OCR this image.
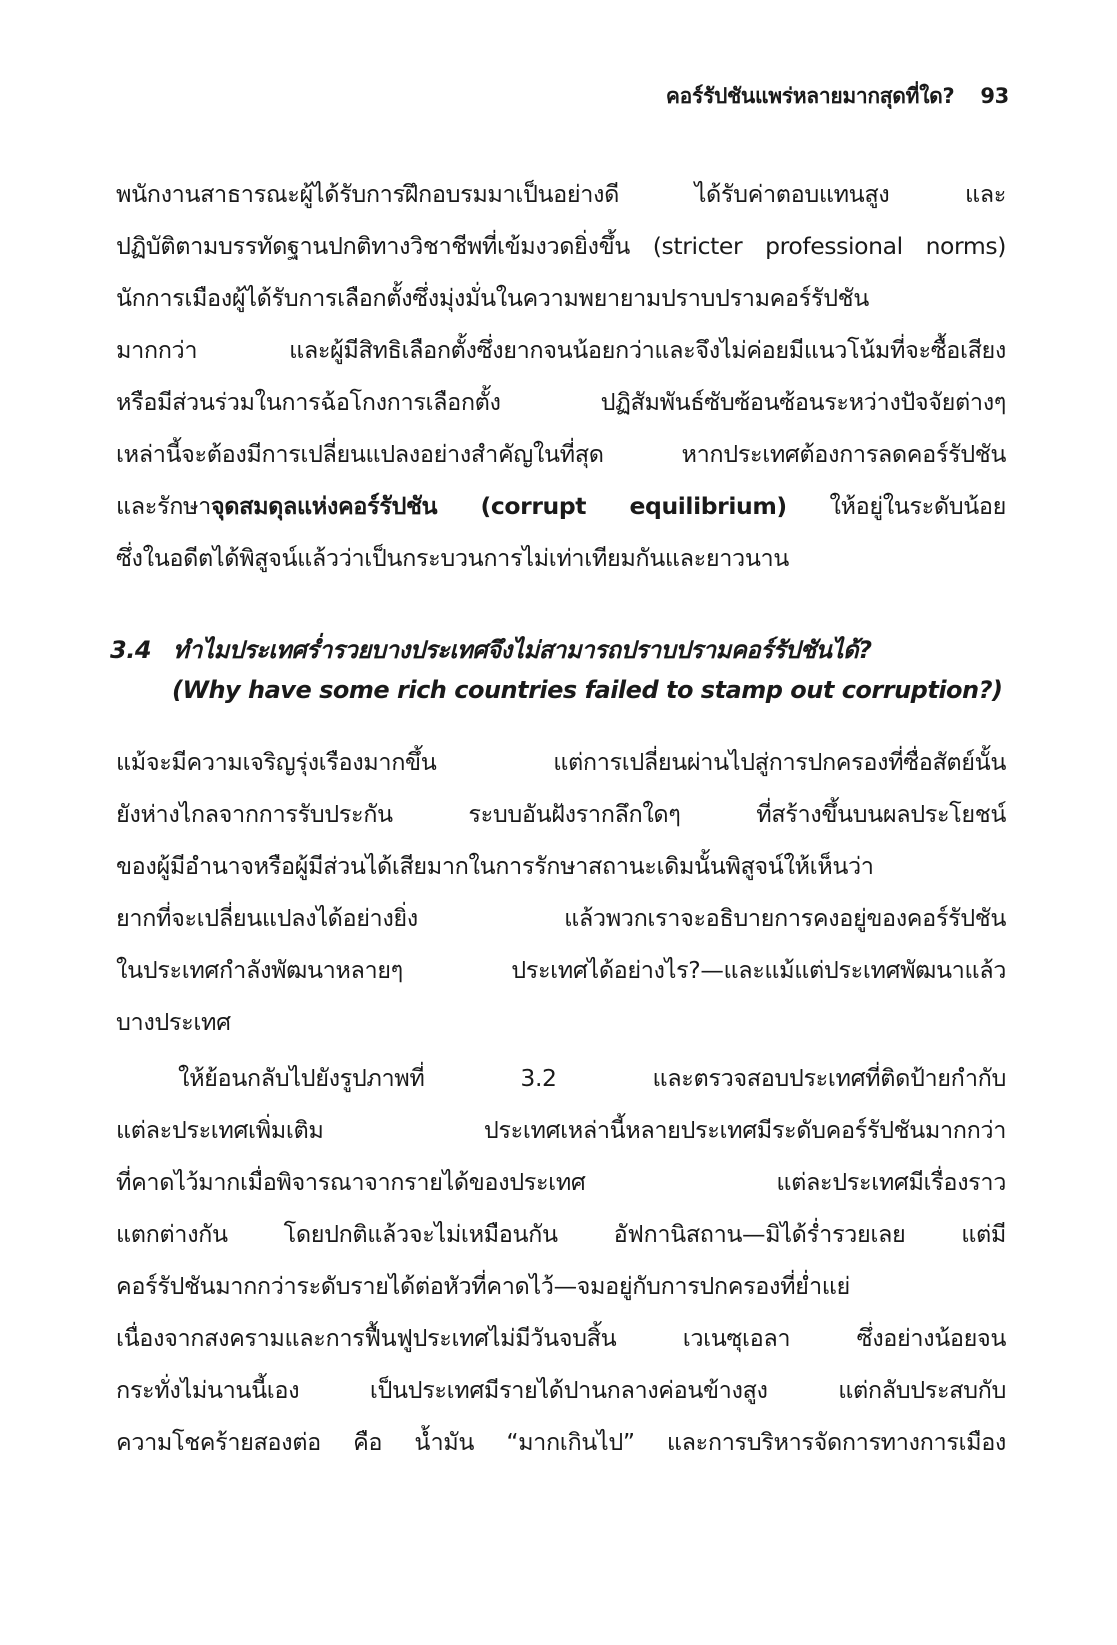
คอร์รัปชันแพร่หลายมากสุดที่ใด? 93
พนักงานสาธารณะผู้ได้รับการฝึกอบรมมาเป็นอย่างดี ได้รับค่าตอบแทนสูง และ
ปฏิบัติตามบรรทัดฐานปกติทางวิชาชีพที่เข้มงวดยิ่งขึ้น (stricter professional norms)
นักการเมืองผู้ได้รับการเลือกตั้งซึ่งมุ่งมั่นในความพยายามปราบปรามคอร์รัปชัน
มากกว่า และผู้มีสิทธิเลือกตั้งซึ่งยากจนน้อยกว่าและจึงไม่ค่อยมีแนวโน้มที่จะซื้อเสียง
หรือมีส่วนร่วมในการฉ้อโกงการเลือกตั้ง ปฏิสัมพันธ์ซับซ้อนซ้อนระหว่างปัจจัยต่างๆ
เหล่านี้จะต้องมีการเปลี่ยนแปลงอย่างสำคัญในที่สุด หากประเทศต้องการลดคอร์รัปชัน
และรักษาจุดสมดุลแห่งคอร์รัปชัน (corrupt equilibrium) ให้อยู่ในระดับน้อย
ซึ่งในอดีตได้พิสูจน์แล้วว่าเป็นกระบวนการไม่เท่าเทียมกันและยาวนาน
3.4 ทำไมประเทศร่ำรวยบางประเทศจึงไม่สามารถปราบปรามคอร์รัปชันได้?
(Why have some rich countries failed to stamp out corruption?)
แม้จะมีความเจริญรุ่งเรืองมากขึ้น แต่การเปลี่ยนผ่านไปสู่การปกครองที่ซื่อสัตย์นั้น
ยังห่างไกลจากการรับประกัน ระบบอันฝังรากลึกใดๆ ที่สร้างขึ้นบนผลประโยชน์
ของผู้มีอำนาจหรือผู้มีส่วนได้เสียมากในการรักษาสถานะเดิมนั้นพิสูจน์ให้เห็นว่า
ยากที่จะเปลี่ยนแปลงได้อย่างยิ่ง แล้วพวกเราจะอธิบายการคงอยู่ของคอร์รัปชัน
ในประเทศกำลังพัฒนาหลายๆ ประเทศได้อย่างไร?—และแม้แต่ประเทศพัฒนาแล้ว
บางประเทศ
ให้ย้อนกลับไปยังรูปภาพที่ 3.2 และตรวจสอบประเทศที่ติดป้ายกำกับ
แต่ละประเทศเพิ่มเติม ประเทศเหล่านี้หลายประเทศมีระดับคอร์รัปชันมากกว่า
ที่คาดไว้มากเมื่อพิจารณาจากรายได้ของประเทศ แต่ละประเทศมีเรื่องราว
แตกต่างกัน โดยปกติแล้วจะไม่เหมือนกัน อัฟกานิสถาน—มิได้ร่ำรวยเลย แต่มี
คอร์รัปชันมากกว่าระดับรายได้ต่อหัวที่คาดไว้—จมอยู่กับการปกครองที่ย่ำแย่
เนื่องจากสงครามและการฟื้นฟูประเทศไม่มีวันจบสิ้น เวเนซุเอลา ซึ่งอย่างน้อยจน
กระทั่งไม่นานนี้เอง เป็นประเทศมีรายได้ปานกลางค่อนข้างสูง แต่กลับประสบกับ
ความโชคร้ายสองต่อ คือ น้ำมัน “มากเกินไป” และการบริหารจัดการทางการเมือง
